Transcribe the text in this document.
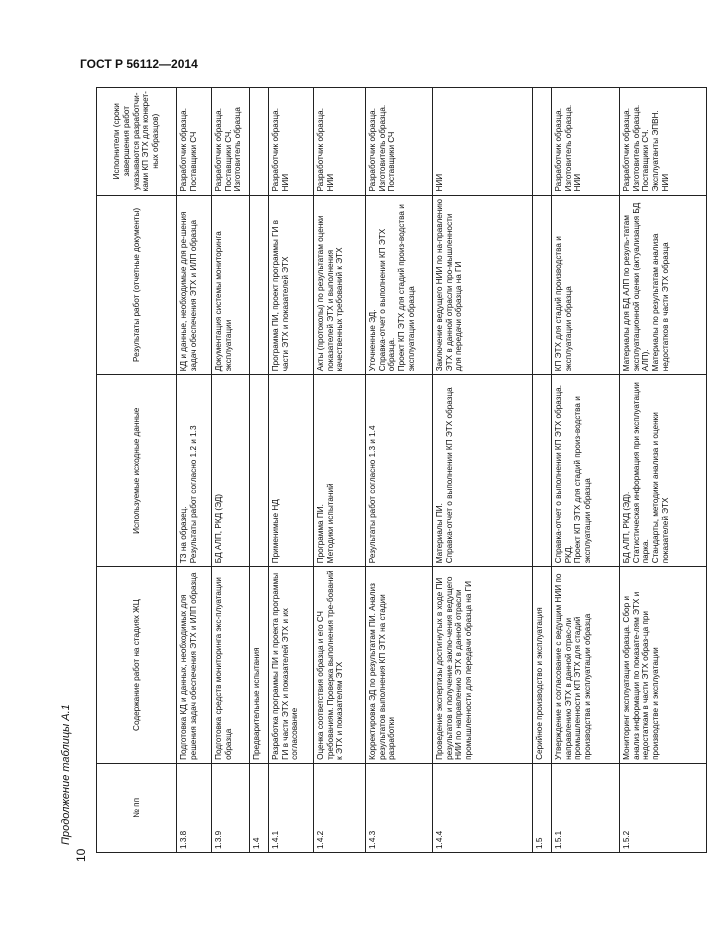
ГОСТ Р 56112—2014
Продолжение таблицы А.1
10
№ пп	Содержание работ на стадиях ЖЦ	Используемые исходные данные	Результаты работ (отчетные документы)	Исполнители (сроки завершения работ указываются разработчи-ками КП ЭТХ для конкрет-ных образцов)

1.3.8	Подготовка КД и данных, необходимых для решения задач обеспечения ЭТХ и ИЛП образца	ТЗ на образец. Результаты работ согласно 1.2 и 1.3	КД и данные, необходимые для ре-шения задач обеспечения ЭТХ и ИЛП образца	Разработчик образца. Поставщики СЧ

1.3.9	Подготовка средств мониторинга экс-плуатации образца	БД АЛП, РКД (ЭД)	Документация системы мониторинга эксплуатации	Разработчик образца. Поставщики СЧ. Изготовитель образца

1.4	Предварительные испытания			

1.4.1	Разработка программы ПИ и проекта программы ГИ в части ЭТХ и показателей ЭТХ и их согласование	Применимые НД	Программа ПИ, проект программы ГИ в части ЭТХ и показателей ЭТХ	Разработчик образца. НИИ

1.4.2	Оценка соответствия образца и его СЧ требованиям. Проверка выполнения тре-бований к ЭТХ и показателям ЭТХ	Программа ПИ. Методики испытаний	Акты (протоколы) по результатам оценки показателей ЭТХ и выполнения качественных требований к ЭТХ	Разработчик образца. НИИ

1.4.3	Корректировка ЭД по результатам ПИ. Анализ результатов выполнения КП ЭТХ на стадии разработки	Результаты работ согласно 1.3 и 1.4	Уточненные ЭД. Справка-отчет о выполнении КП ЭТХ образца. Проект КП ЭТХ для стадий произ-водства и эксплуатации образца	Разработчик образца. Изготовитель образца. Поставщики СЧ

1.4.4	Проведение экспертизы достигнутых в ходе ПИ результатов и получение заклю-чения ведущего НИИ по направлению ЭТХ в данной отрасли промышленности для передачи образца на ГИ	Материалы ПИ. Справка-отчет о выполнении КП ЭТХ образца	Заключение ведущего НИИ по на-правлению ЭТХ в данной отрасли про-мышленности для передачи образца на ГИ	НИИ

1.5	Серийное производство и эксплуатация			

1.5.1	Утверждение и согласование с ведущим НИИ по направлению ЭТХ в данной отрас-ли промышленности КП ЭТХ для стадий производства и эксплуатации образца	Справка-отчет о выполнении КП ЭТХ образца. РКД. Проект КП ЭТХ для стадий произ-водства и эксплуатации образца	КП ЭТХ для стадий производства и эксплуатации образца	Разработчик образца. Изготовитель образца. НИИ

1.5.2	Мониторинг эксплуатации образца. Сбор и анализ информации по показате-лям ЭТХ и недостаткам в части ЭТХ образ-ца при производстве и эксплуатации	БД АЛП, РКД (ЭД). Статистическая информация при эксплуатации парка. Стандарты, методики анализа и оценки показателей ЭТХ	Материалы для БД АЛП по резуль-татам эксплуатационной оценки (актуализация БД АЛП). Материалы по результатам анализа недостатков в части ЭТХ образца	Разработчик образца. Изготовитель образца. Поставщики СЧ. Эксплуатанты ЭПВН. НИИ
